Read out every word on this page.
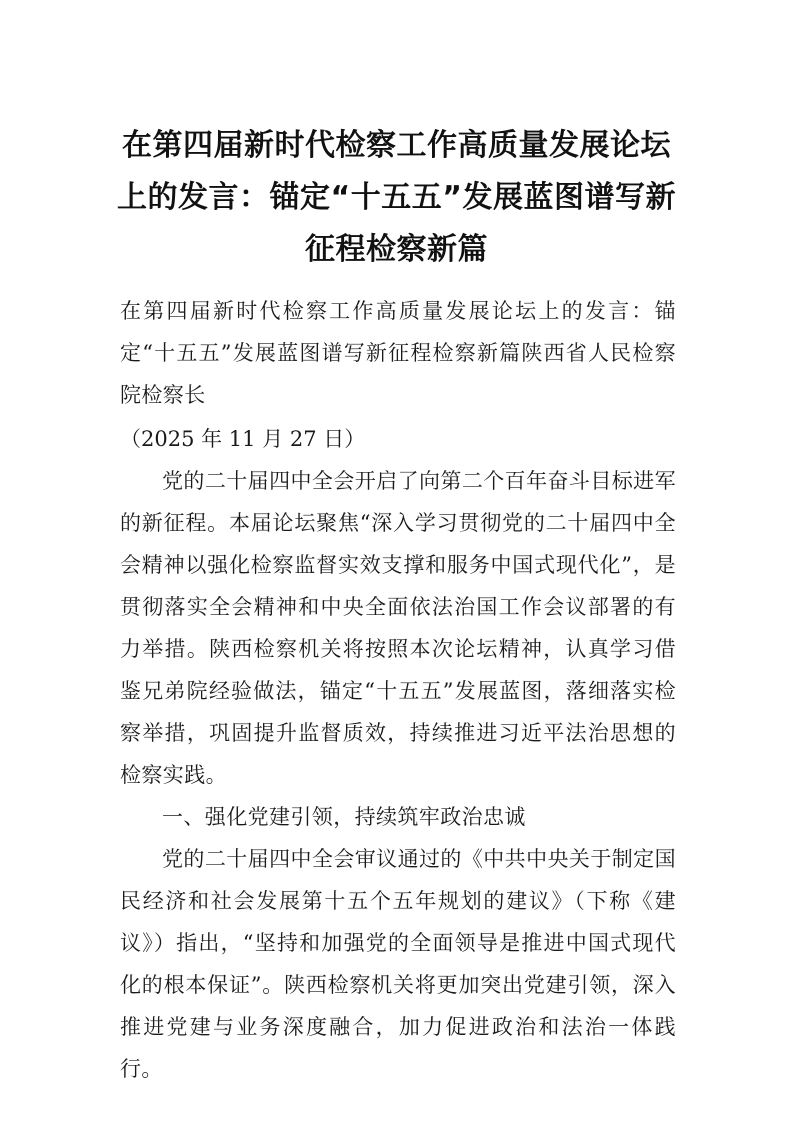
在第四届新时代检察工作高质量发展论坛上的发言：锚定“十五五”发展蓝图谱写新征程检察新篇

在第四届新时代检察工作高质量发展论坛上的发言：锚定“十五五”发展蓝图谱写新征程检察新篇陕西省人民检察院检察长

（2025 年 11 月 27 日）

党的二十届四中全会开启了向第二个百年奋斗目标进军的新征程。本届论坛聚焦“深入学习贯彻党的二十届四中全会精神以强化检察监督实效支撑和服务中国式现代化”，是贯彻落实全会精神和中央全面依法治国工作会议部署的有力举措。陕西检察机关将按照本次论坛精神，认真学习借鉴兄弟院经验做法，锚定“十五五”发展蓝图，落细落实检察举措，巩固提升监督质效，持续推进习近平法治思想的检察实践。

一、强化党建引领，持续筑牢政治忠诚

党的二十届四中全会审议通过的《中共中央关于制定国民经济和社会发展第十五个五年规划的建议》（下称《建议》）指出，“坚持和加强党的全面领导是推进中国式现代化的根本保证”。陕西检察机关将更加突出党建引领，深入推进党建与业务深度融合，加力促进政治和法治一体践行。
